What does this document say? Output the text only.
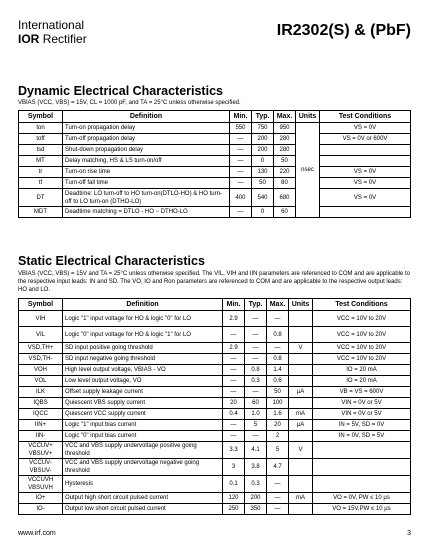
International
IOR Rectifier	IR2302(S) & (PbF)
Dynamic Electrical Characteristics
VBIAS (VCC, VBS) = 15V, CL = 1000 pF, and TA = 25°C unless otherwise specified.
Symbol	Definition	Min.	Typ.	Max.	Units	Test Conditions
ton	Turn-on propagation delay	550	750	950	nsec	VS = 0V
toff	Turn-off propagation delay	—	200	280		VS = 0V or 600V
tsd	Shut-down propagation delay	—	200	280		
MT	Delay matching, HS & LS turn-on/off	—	0	50		
tr	Turn-on rise time	—	130	220		VS = 0V
tf	Turn-off fall time	—	50	80		VS = 0V
DT	Deadtime: LO turn-off to HO turn-on(DTLO-HO) & HO turn-off to LO turn-on (DTHO-LO)	400	540	680		VS = 0V
MDT	Deadtime matching = DTLO - HO − DTHO-LO	—	0	60		
Static Electrical Characteristics
VBIAS (VCC, VBS) = 15V and TA = 25°C unless otherwise specified. The VIL, VIH and IIN parameters are referenced to COM and are applicable to the respective input leads: IN and SD. The VO, IO and Ron parameters are referenced to COM and are applicable to the respective output leads: HO and LO.
Symbol	Definition	Min.	Typ.	Max.	Units	Test Conditions
VIH	Logic "1" input voltage for HO & logic "0" for LO	2.9	—	—		VCC = 10V to 20V
VIL	Logic "0" input voltage for HO & logic "1" for LO	—	—	0.8		VCC = 10V to 20V
VSD,TH+	SD input positive going threshold	2.9	—	—	V	VCC = 10V to 20V
VSD,TH-	SD input negative going threshold	—	—	0.8		VCC = 10V to 20V
VOH	High level output voltage, VBIAS - VO	—	0.8	1.4		IO = 20 mA
VOL	Low level output voltage, VO	—	0.3	0.6		IO = 20 mA
ILK	Offset supply leakage current	—	—	50	µA	VB = VS = 600V
IQBS	Quiescent VBS supply current	20	60	100		VIN = 0V or 5V
IQCC	Quiescent VCC supply current	0.4	1.0	1.6	mA	VIN = 0V or 5V
IIN+	Logic "1" input bias current	—	5	20	µA	IN = 5V, SD = 0V
IIN-	Logic "0" input bias current	—	—	2		IN = 0V, SD = 5V
VCCUV+ VBSUV+	VCC and VBS supply undervoltage positive going threshold	3.3	4.1	5	V	
VCCUV- VBSUV-	VCC and VBS supply undervoltage negative going threshold	3	3.8	4.7		
VCCUVH VBSUVH	Hysteresis	0.1	0.3	—		
IO+	Output high short circuit pulsed current	120	200	—	mA	VO = 0V, PW ≤ 10 µs
IO-	Output low short circuit pulsed current	250	350	—		VO = 15V,PW ≤ 10 µs
www.irf.com	3
